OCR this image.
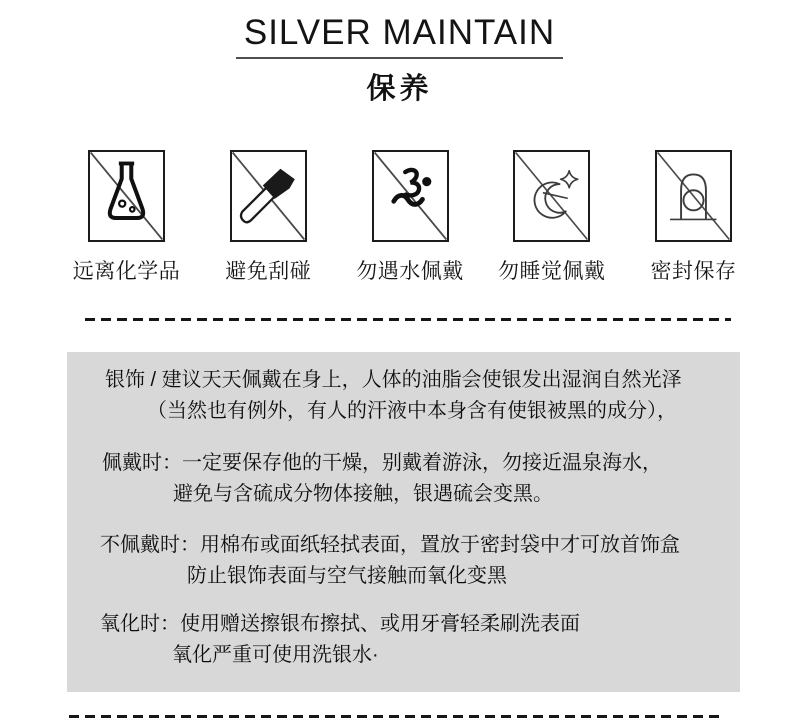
SILVER MAINTAIN
保养
远离化学品 避免刮碰 勿遇水佩戴 勿睡觉佩戴 密封保存
银饰 / 建议天天佩戴在身上，人体的油脂会使银发出湿润自然光泽
（当然也有例外，有人的汗液中本身含有使银被黑的成分），
佩戴时：一定要保存他的干燥，别戴着游泳，勿接近温泉海水，
避免与含硫成分物体接触，银遇硫会变黑。
不佩戴时：用棉布或面纸轻拭表面，置放于密封袋中才可放首饰盒
防止银饰表面与空气接触而氧化变黑
氧化时：使用赠送擦银布擦拭、或用牙膏轻柔刷洗表面
氧化严重可使用洗银水·
